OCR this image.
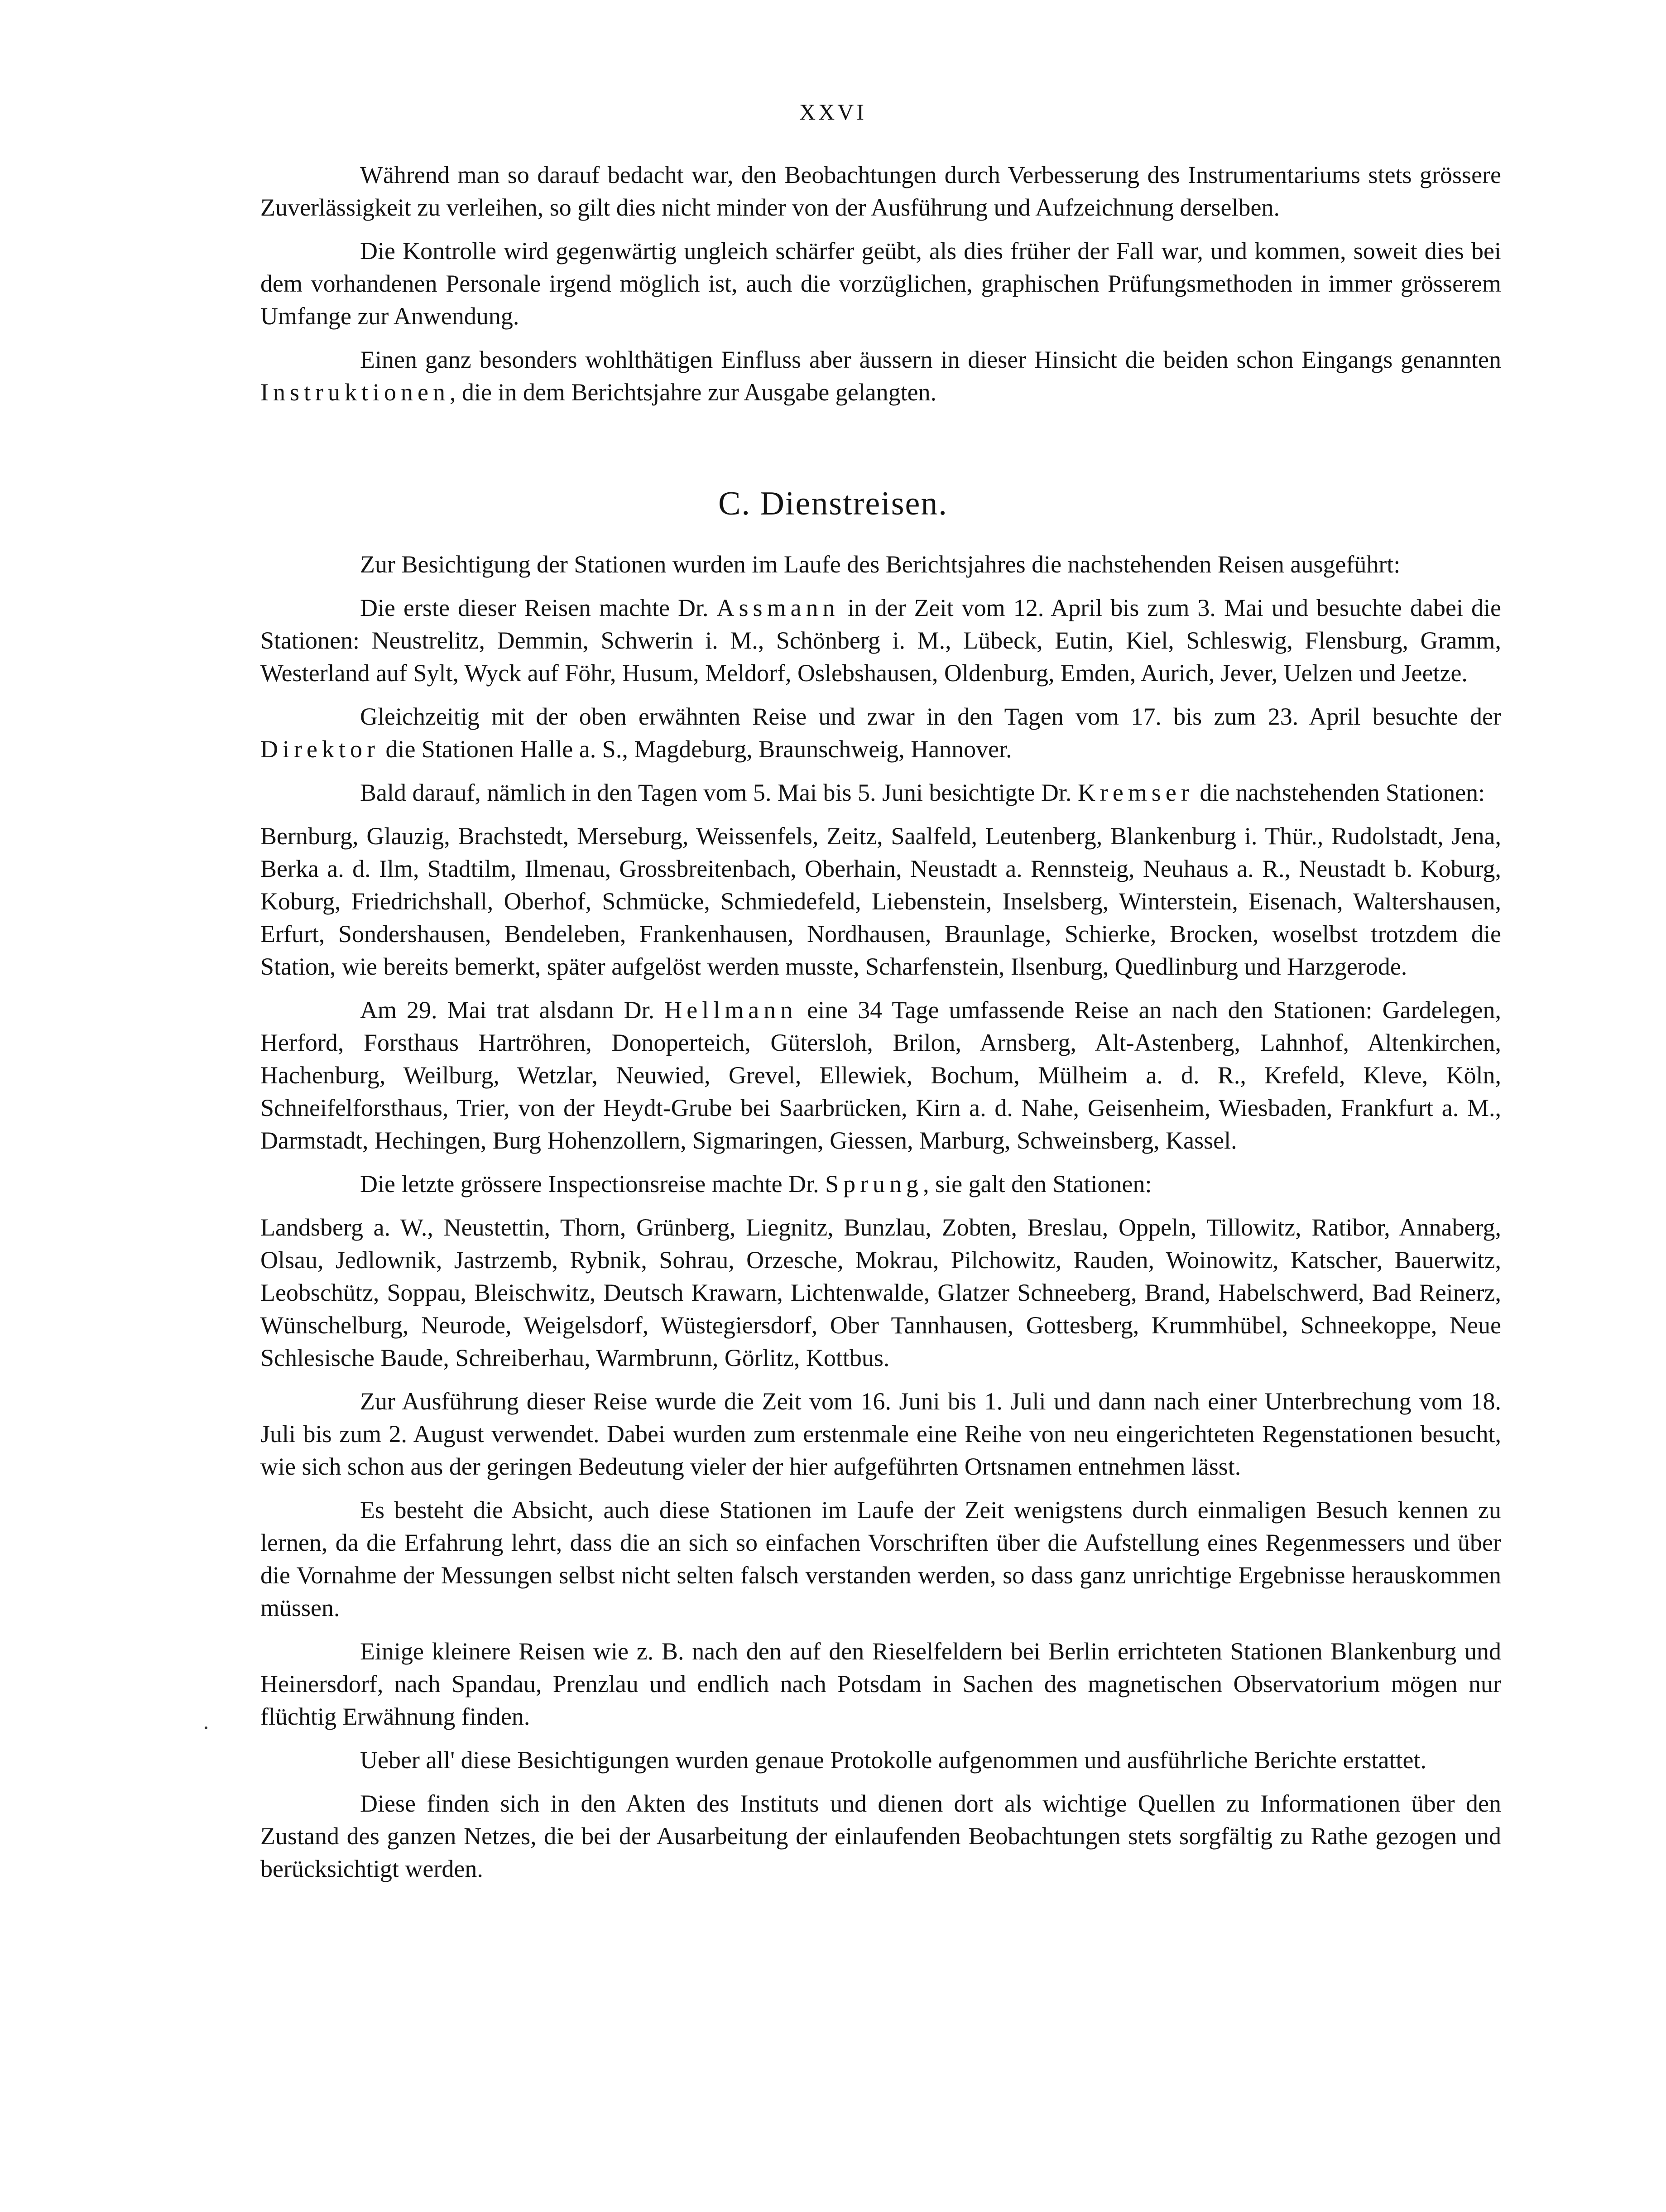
XXVI

Während man so darauf bedacht war, den Beobachtungen durch Verbesserung des Instrumentariums stets grössere Zuverlässigkeit zu verleihen, so gilt dies nicht minder von der Ausführung und Aufzeichnung derselben.

Die Kontrolle wird gegenwärtig ungleich schärfer geübt, als dies früher der Fall war, und kommen, soweit dies bei dem vorhandenen Personale irgend möglich ist, auch die vorzüglichen, graphischen Prüfungsmethoden in immer grösserem Umfange zur Anwendung.

Einen ganz besonders wohlthätigen Einfluss aber äussern in dieser Hinsicht die beiden schon Eingangs genannten Instruktionen, die in dem Berichtsjahre zur Ausgabe gelangten.

C. Dienstreisen.

Zur Besichtigung der Stationen wurden im Laufe des Berichtsjahres die nachstehenden Reisen ausgeführt:

Die erste dieser Reisen machte Dr. Assmann in der Zeit vom 12. April bis zum 3. Mai und besuchte dabei die Stationen: Neustrelitz, Demmin, Schwerin i. M., Schönberg i. M., Lübeck, Eutin, Kiel, Schleswig, Flensburg, Gramm, Westerland auf Sylt, Wyck auf Föhr, Husum, Meldorf, Oslebshausen, Oldenburg, Emden, Aurich, Jever, Uelzen und Jeetze.

Gleichzeitig mit der oben erwähnten Reise und zwar in den Tagen vom 17. bis zum 23. April besuchte der Direktor die Stationen Halle a. S., Magdeburg, Braunschweig, Hannover.

Bald darauf, nämlich in den Tagen vom 5. Mai bis 5. Juni besichtigte Dr. Kremser die nachstehenden Stationen:

Bernburg, Glauzig, Brachstedt, Merseburg, Weissenfels, Zeitz, Saalfeld, Leutenberg, Blankenburg i. Thür., Rudolstadt, Jena, Berka a. d. Ilm, Stadtilm, Ilmenau, Grossbreitenbach, Oberhain, Neustadt a. Rennsteig, Neuhaus a. R., Neustadt b. Koburg, Koburg, Friedrichshall, Oberhof, Schmücke, Schmiedefeld, Liebenstein, Inselsberg, Winterstein, Eisenach, Waltershausen, Erfurt, Sondershausen, Bendeleben, Frankenhausen, Nordhausen, Braunlage, Schierke, Brocken, woselbst trotzdem die Station, wie bereits bemerkt, später aufgelöst werden musste, Scharfenstein, Ilsenburg, Quedlinburg und Harzgerode.

Am 29. Mai trat alsdann Dr. Hellmann eine 34 Tage umfassende Reise an nach den Stationen: Gardelegen, Herford, Forsthaus Hartröhren, Donoperteich, Gütersloh, Brilon, Arnsberg, Alt-Astenberg, Lahnhof, Altenkirchen, Hachenburg, Weilburg, Wetzlar, Neuwied, Grevel, Ellewiek, Bochum, Mülheim a. d. R., Krefeld, Kleve, Köln, Schneifelforsthaus, Trier, von der Heydt-Grube bei Saarbrücken, Kirn a. d. Nahe, Geisenheim, Wiesbaden, Frankfurt a. M., Darmstadt, Hechingen, Burg Hohenzollern, Sigmaringen, Giessen, Marburg, Schweinsberg, Kassel.

Die letzte grössere Inspectionsreise machte Dr. Sprung, sie galt den Stationen:

Landsberg a. W., Neustettin, Thorn, Grünberg, Liegnitz, Bunzlau, Zobten, Breslau, Oppeln, Tillowitz, Ratibor, Annaberg, Olsau, Jedlownik, Jastrzemb, Rybnik, Sohrau, Orzesche, Mokrau, Pilchowitz, Rauden, Woinowitz, Katscher, Bauerwitz, Leobschütz, Soppau, Bleischwitz, Deutsch Krawarn, Lichtenwalde, Glatzer Schneeberg, Brand, Habelschwerd, Bad Reinerz, Wünschelburg, Neurode, Weigelsdorf, Wüstegiersdorf, Ober Tannhausen, Gottesberg, Krummhübel, Schneekoppe, Neue Schlesische Baude, Schreiberhau, Warmbrunn, Görlitz, Kottbus.

Zur Ausführung dieser Reise wurde die Zeit vom 16. Juni bis 1. Juli und dann nach einer Unterbrechung vom 18. Juli bis zum 2. August verwendet. Dabei wurden zum erstenmale eine Reihe von neu eingerichteten Regenstationen besucht, wie sich schon aus der geringen Bedeutung vieler der hier aufgeführten Ortsnamen entnehmen lässt.

Es besteht die Absicht, auch diese Stationen im Laufe der Zeit wenigstens durch einmaligen Besuch kennen zu lernen, da die Erfahrung lehrt, dass die an sich so einfachen Vorschriften über die Aufstellung eines Regenmessers und über die Vornahme der Messungen selbst nicht selten falsch verstanden werden, so dass ganz unrichtige Ergebnisse herauskommen müssen.

Einige kleinere Reisen wie z. B. nach den auf den Rieselfeldern bei Berlin errichteten Stationen Blankenburg und Heinersdorf, nach Spandau, Prenzlau und endlich nach Potsdam in Sachen des magnetischen Observatorium mögen nur flüchtig Erwähnung finden.

Ueber all' diese Besichtigungen wurden genaue Protokolle aufgenommen und ausführliche Berichte erstattet.

Diese finden sich in den Akten des Instituts und dienen dort als wichtige Quellen zu Informationen über den Zustand des ganzen Netzes, die bei der Ausarbeitung der einlaufenden Beobachtungen stets sorgfältig zu Rathe gezogen und berücksichtigt werden.
